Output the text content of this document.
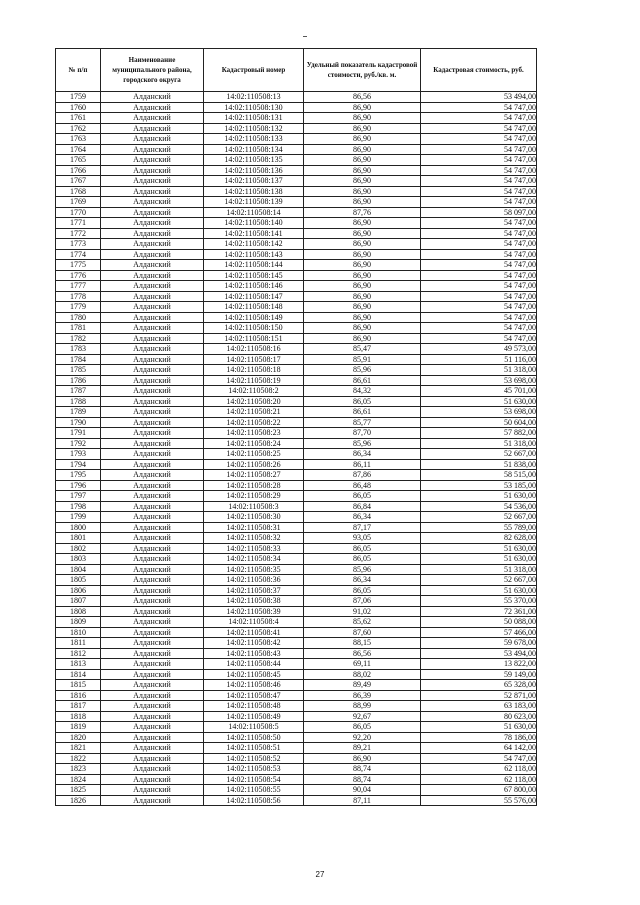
№ п/п	Наименование муниципального района, городского округа	Кадастровый номер	Удельный показатель кадастровой стоимости, руб./кв. м.	Кадастровая стоимость, руб.
1759	Алданский	14:02:110508:13	86,56	53 494,00
1760	Алданский	14:02:110508:130	86,90	54 747,00
1761	Алданский	14:02:110508:131	86,90	54 747,00
1762	Алданский	14:02:110508:132	86,90	54 747,00
1763	Алданский	14:02:110508:133	86,90	54 747,00
1764	Алданский	14:02:110508:134	86,90	54 747,00
1765	Алданский	14:02:110508:135	86,90	54 747,00
1766	Алданский	14:02:110508:136	86,90	54 747,00
1767	Алданский	14:02:110508:137	86,90	54 747,00
1768	Алданский	14:02:110508:138	86,90	54 747,00
1769	Алданский	14:02:110508:139	86,90	54 747,00
1770	Алданский	14:02:110508:14	87,76	58 097,00
1771	Алданский	14:02:110508:140	86,90	54 747,00
1772	Алданский	14:02:110508:141	86,90	54 747,00
1773	Алданский	14:02:110508:142	86,90	54 747,00
1774	Алданский	14:02:110508:143	86,90	54 747,00
1775	Алданский	14:02:110508:144	86,90	54 747,00
1776	Алданский	14:02:110508:145	86,90	54 747,00
1777	Алданский	14:02:110508:146	86,90	54 747,00
1778	Алданский	14:02:110508:147	86,90	54 747,00
1779	Алданский	14:02:110508:148	86,90	54 747,00
1780	Алданский	14:02:110508:149	86,90	54 747,00
1781	Алданский	14:02:110508:150	86,90	54 747,00
1782	Алданский	14:02:110508:151	86,90	54 747,00
1783	Алданский	14:02:110508:16	85,47	49 573,00
1784	Алданский	14:02:110508:17	85,91	51 116,00
1785	Алданский	14:02:110508:18	85,96	51 318,00
1786	Алданский	14:02:110508:19	86,61	53 698,00
1787	Алданский	14:02:110508:2	84,32	45 701,00
1788	Алданский	14:02:110508:20	86,05	51 630,00
1789	Алданский	14:02:110508:21	86,61	53 698,00
1790	Алданский	14:02:110508:22	85,77	50 604,00
1791	Алданский	14:02:110508:23	87,70	57 882,00
1792	Алданский	14:02:110508:24	85,96	51 318,00
1793	Алданский	14:02:110508:25	86,34	52 667,00
1794	Алданский	14:02:110508:26	86,11	51 838,00
1795	Алданский	14:02:110508:27	87,86	58 515,00
1796	Алданский	14:02:110508:28	86,48	53 185,00
1797	Алданский	14:02:110508:29	86,05	51 630,00
1798	Алданский	14:02:110508:3	86,84	54 536,00
1799	Алданский	14:02:110508:30	86,34	52 667,00
1800	Алданский	14:02:110508:31	87,17	55 789,00
1801	Алданский	14:02:110508:32	93,05	82 628,00
1802	Алданский	14:02:110508:33	86,05	51 630,00
1803	Алданский	14:02:110508:34	86,05	51 630,00
1804	Алданский	14:02:110508:35	85,96	51 318,00
1805	Алданский	14:02:110508:36	86,34	52 667,00
1806	Алданский	14:02:110508:37	86,05	51 630,00
1807	Алданский	14:02:110508:38	87,06	55 370,00
1808	Алданский	14:02:110508:39	91,02	72 361,00
1809	Алданский	14:02:110508:4	85,62	50 088,00
1810	Алданский	14:02:110508:41	87,60	57 466,00
1811	Алданский	14:02:110508:42	88,15	59 678,00
1812	Алданский	14:02:110508:43	86,56	53 494,00
1813	Алданский	14:02:110508:44	69,11	13 822,00
1814	Алданский	14:02:110508:45	88,02	59 149,00
1815	Алданский	14:02:110508:46	89,49	65 328,00
1816	Алданский	14:02:110508:47	86,39	52 871,00
1817	Алданский	14:02:110508:48	88,99	63 183,00
1818	Алданский	14:02:110508:49	92,67	80 623,00
1819	Алданский	14:02:110508:5	86,05	51 630,00
1820	Алданский	14:02:110508:50	92,20	78 186,00
1821	Алданский	14:02:110508:51	89,21	64 142,00
1822	Алданский	14:02:110508:52	86,90	54 747,00
1823	Алданский	14:02:110508:53	88,74	62 118,00
1824	Алданский	14:02:110508:54	88,74	62 118,00
1825	Алданский	14:02:110508:55	90,04	67 800,00
1826	Алданский	14:02:110508:56	87,11	55 576,00
27
